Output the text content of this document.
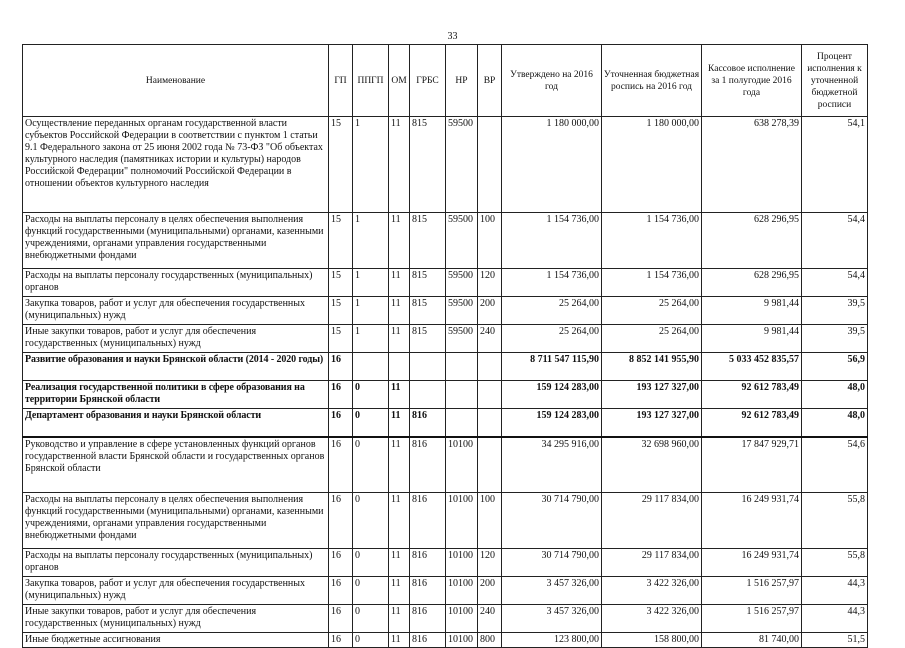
33
Наименование	ГП	ППГП	ОМ	ГРБС	НР	ВР	Утверждено на 2016 год	Уточненная бюджетная роспись на 2016 год	Кассовое исполнение за 1 полугодие 2016 года	Процент исполнения к уточненной бюджетной росписи
Осуществление переданных органам государственной власти субъектов Российской Федерации в соответствии с пунктом 1 статьи 9.1 Федерального закона от 25 июня 2002 года № 73-ФЗ "Об объектах культурного наследия (памятниках истории и культуры) народов Российской Федерации" полномочий Российской Федерации в отношении объектов культурного наследия	15	1	11	815	59500		1 180 000,00	1 180 000,00	638 278,39	54,1
Расходы на выплаты персоналу в целях обеспечения выполнения функций государственными (муниципальными) органами, казенными учреждениями, органами управления государственными внебюджетными фондами	15	1	11	815	59500	100	1 154 736,00	1 154 736,00	628 296,95	54,4
Расходы на выплаты персоналу государственных (муниципальных) органов	15	1	11	815	59500	120	1 154 736,00	1 154 736,00	628 296,95	54,4
Закупка товаров, работ и услуг для обеспечения государственных (муниципальных) нужд	15	1	11	815	59500	200	25 264,00	25 264,00	9 981,44	39,5
Иные закупки товаров, работ и услуг для обеспечения государственных (муниципальных) нужд	15	1	11	815	59500	240	25 264,00	25 264,00	9 981,44	39,5
Развитие образования и науки Брянской области (2014 - 2020 годы)	16						8 711 547 115,90	8 852 141 955,90	5 033 452 835,57	56,9
Реализация государственной политики в сфере образования на территории Брянской области	16	0	11				159 124 283,00	193 127 327,00	92 612 783,49	48,0
Департамент образования и науки Брянской области	16	0	11	816			159 124 283,00	193 127 327,00	92 612 783,49	48,0
Руководство и управление в сфере установленных функций органов государственной власти Брянской области и государственных органов Брянской области	16	0	11	816	10100		34 295 916,00	32 698 960,00	17 847 929,71	54,6
Расходы на выплаты персоналу в целях обеспечения выполнения функций государственными (муниципальными) органами, казенными учреждениями, органами управления государственными внебюджетными фондами	16	0	11	816	10100	100	30 714 790,00	29 117 834,00	16 249 931,74	55,8
Расходы на выплаты персоналу государственных (муниципальных) органов	16	0	11	816	10100	120	30 714 790,00	29 117 834,00	16 249 931,74	55,8
Закупка товаров, работ и услуг для обеспечения государственных (муниципальных) нужд	16	0	11	816	10100	200	3 457 326,00	3 422 326,00	1 516 257,97	44,3
Иные закупки товаров, работ и услуг для обеспечения государственных (муниципальных) нужд	16	0	11	816	10100	240	3 457 326,00	3 422 326,00	1 516 257,97	44,3
Иные бюджетные ассигнования	16	0	11	816	10100	800	123 800,00	158 800,00	81 740,00	51,5
